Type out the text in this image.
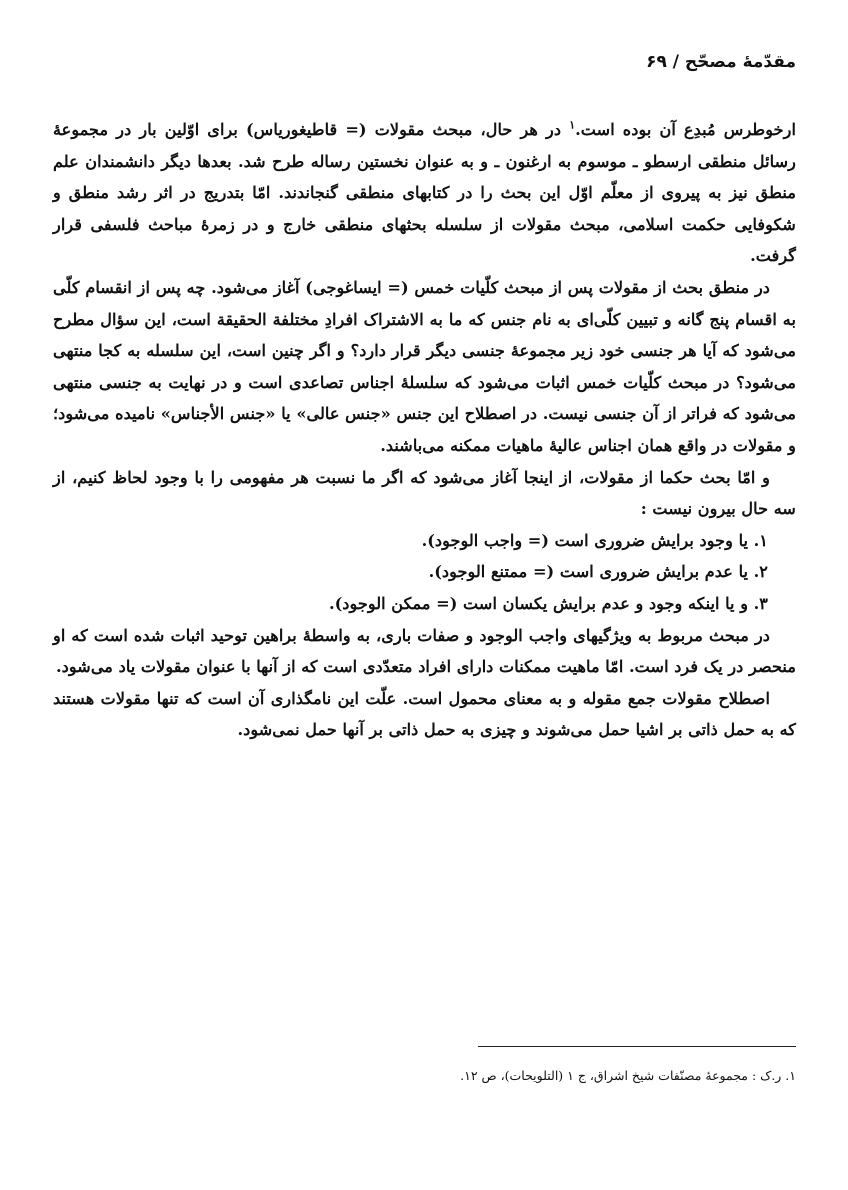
مقدّمهٔ مصحّح / ۶۹

ارخوطرس مُبدِع آن بوده است.$^۱$ در هر حال، مبحث مقولات (= قاطیغوریاس) برای اوّلین بار در مجموعهٔ رسائل منطقی ارسطو ـ موسوم به ارغنون ـ و به عنوان نخستین رساله طرح شد. بعدها دیگر دانشمندان علم منطق نیز به پیروی از معلّم اوّل این بحث را در کتابهای منطقی گنجاندند. امّا بتدریج در اثر رشد منطق و شکوفایی حکمت اسلامی، مبحث مقولات از سلسله بحثهای منطقی خارج و در زمرهٔ مباحث فلسفی قرار گرفت.

در منطق بحث از مقولات پس از مبحث کلّیات خمس (= ایساغوجی) آغاز می‌شود. چه پس از انقسام کلّی به اقسام پنج گانه و تبیین کلّی‌ای به نام جنس که ما به الاشتراک افرادِ مختلفة الحقیقة است، این سؤال مطرح می‌شود که آیا هر جنسی خود زیر مجموعهٔ جنسی دیگر قرار دارد؟ و اگر چنین است، این سلسله به کجا منتهی می‌شود؟ در مبحث کلّیات خمس اثبات می‌شود که سلسلهٔ اجناس تصاعدی است و در نهایت به جنسی منتهی می‌شود که فراتر از آن جنسی نیست. در اصطلاح این جنس «جنس عالی» یا «جنس الأجناس» نامیده می‌شود؛ و مقولات در واقع همان اجناس عالیهٔ ماهیات ممکنه می‌باشند.

و امّا بحث حکما از مقولات، از اینجا آغاز می‌شود که اگر ما نسبت هر مفهومی را با وجود لحاظ کنیم، از سه حال بیرون نیست :

۱. یا وجود برایش ضروری است (= واجب الوجود).

۲. یا عدم برایش ضروری است (= ممتنع الوجود).

۳. و یا اینکه وجود و عدم برایش یکسان است (= ممکن الوجود).

در مبحث مربوط به ویژگیهای واجب الوجود و صفات باری، به واسطهٔ براهین توحید اثبات شده است که او منحصر در یک فرد است. امّا ماهیت ممکنات دارای افراد متعدّدی است که از آنها با عنوان مقولات یاد می‌شود.

اصطلاح مقولات جمع مقوله و به معنای محمول است. علّت این نامگذاری آن است که تنها مقولات هستند که به حمل ذاتی بر اشیا حمل می‌شوند و چیزی به حمل ذاتی بر آنها حمل نمی‌شود.

۱. ر.ک : مجموعهٔ مصنّفات شیخ اشراق، ج ۱ (التلویحات)، ص ۱۲.
